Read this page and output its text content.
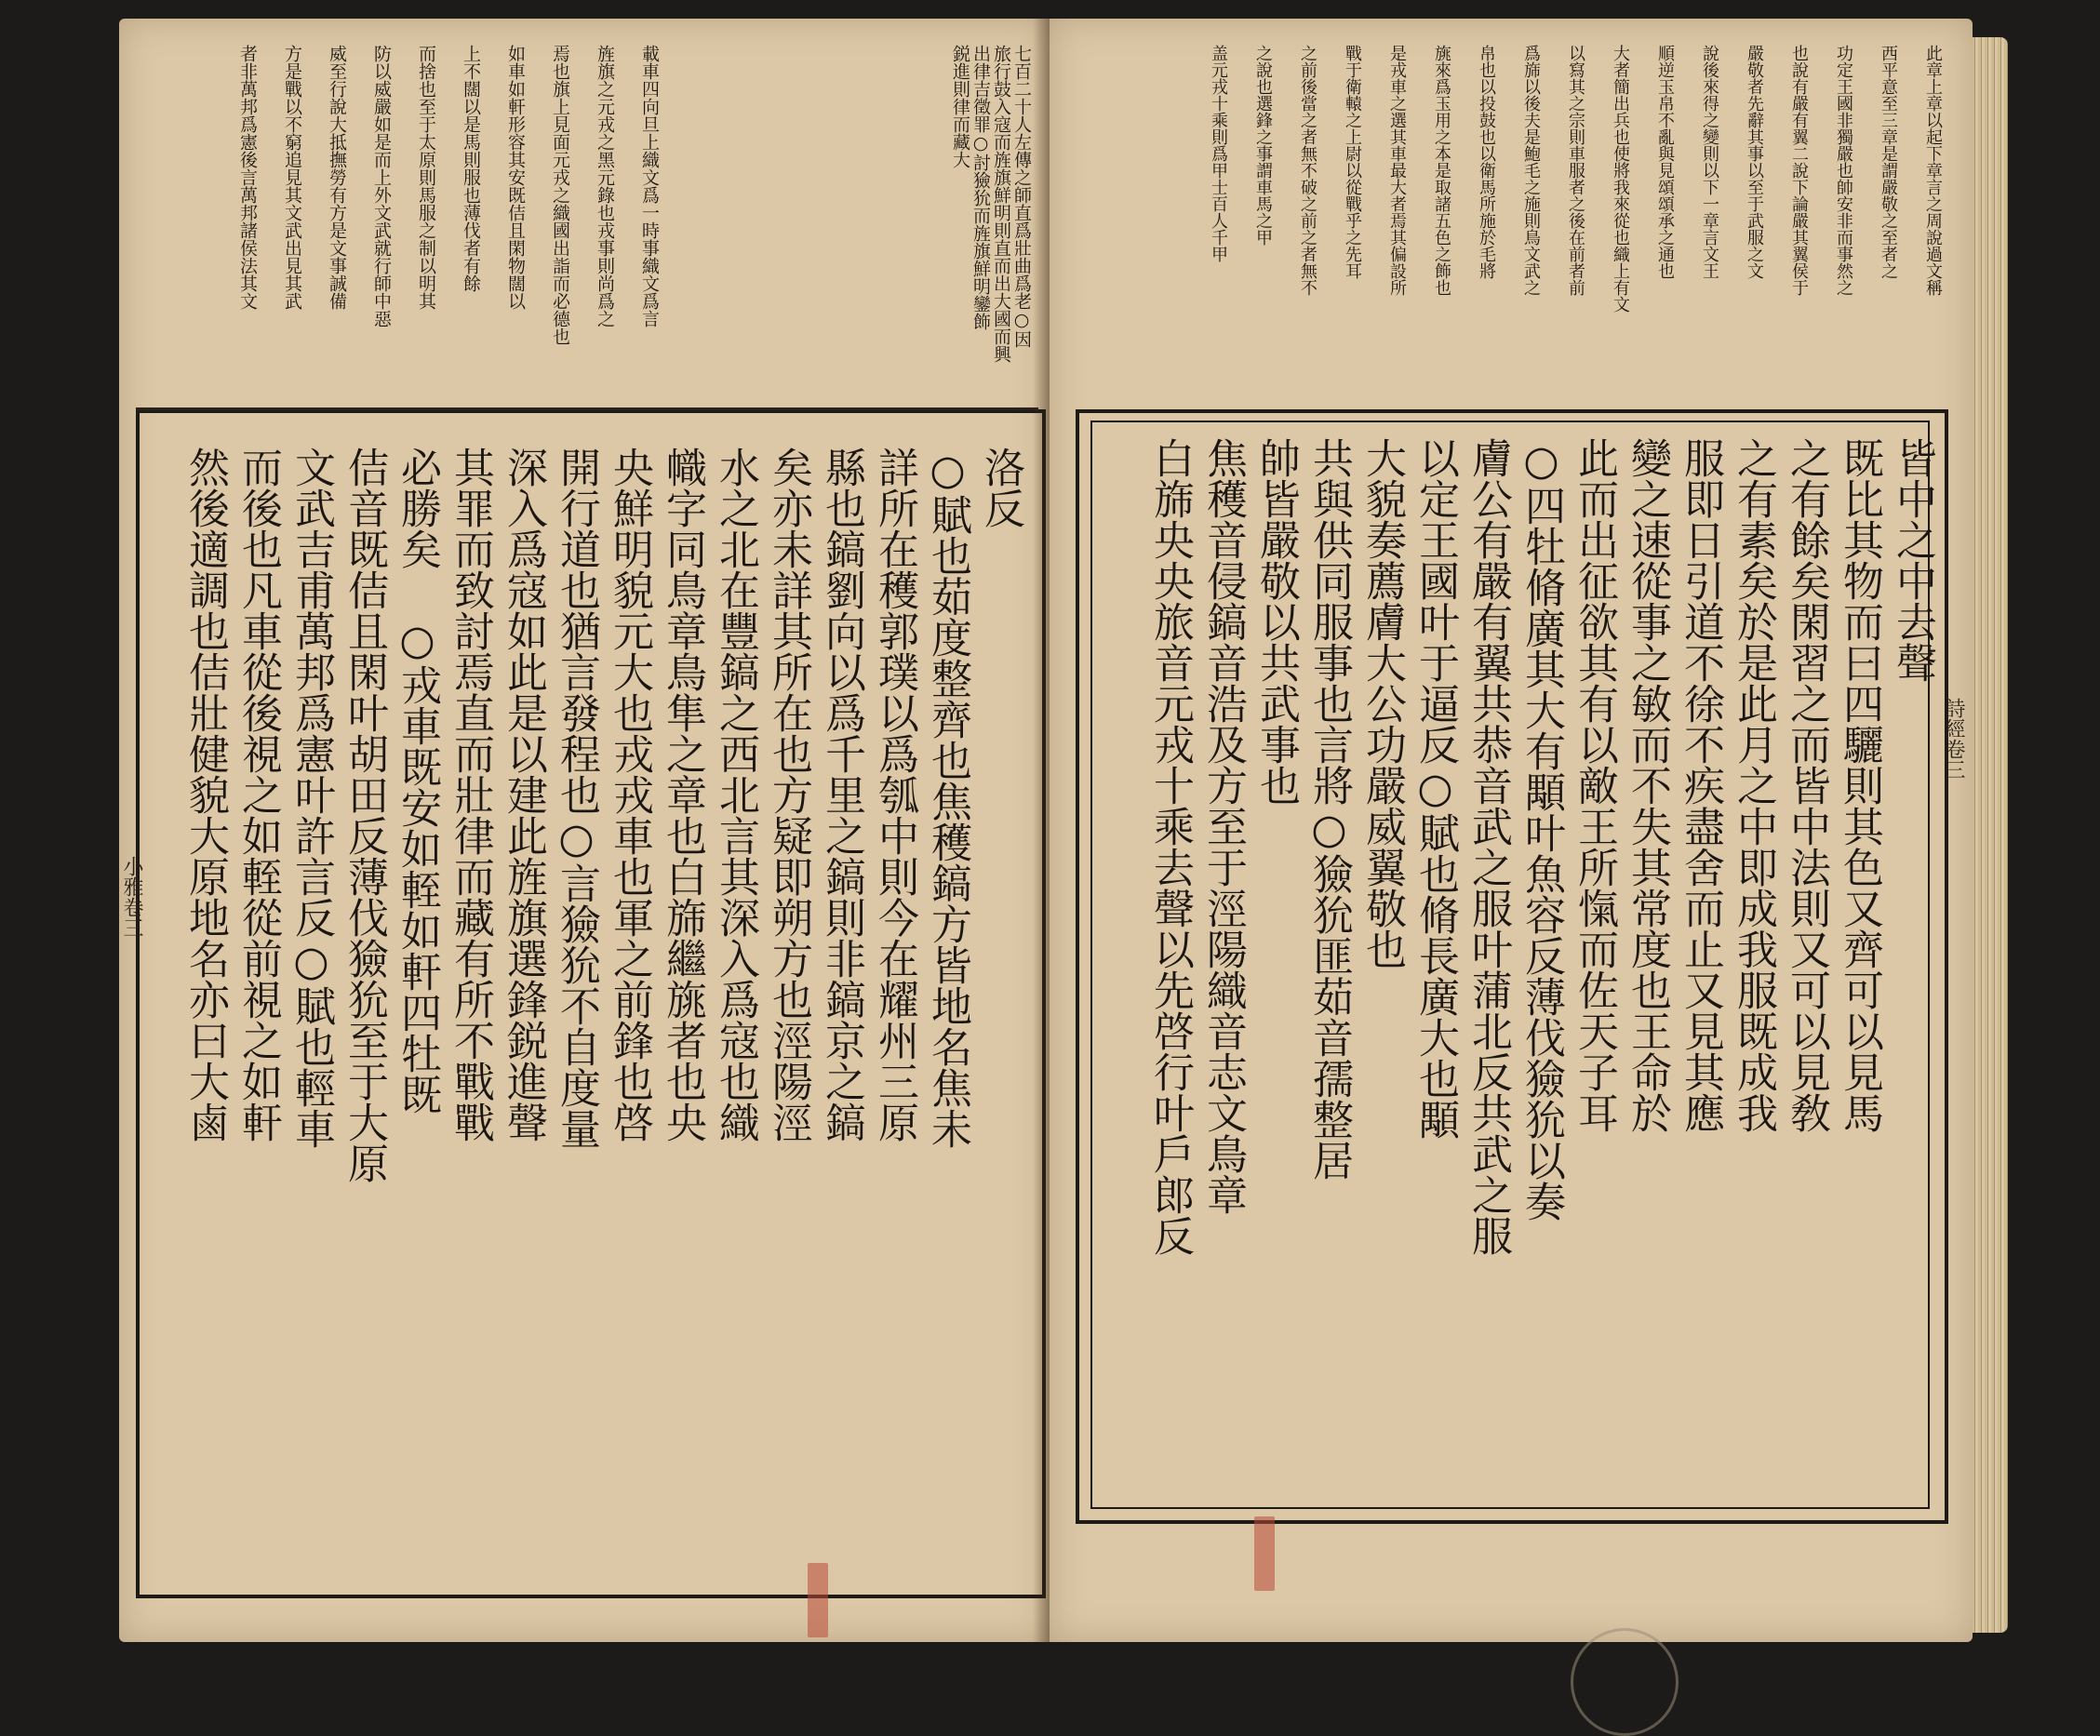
七百二十人左傳之師直爲壯曲爲老○因
旅行鼓入寇而旌旗鮮明則直而出大國而興
出律吉徵罪○討獫狁而旌旗鮮明鑾飾
鋭進則律而藏大
載車四向旦上織文爲一時事織文爲言
旌旗之元戎之黑元錄也戎事則尚爲之
焉也旗上見面元戎之織國出詣而必德也
如車如軒形容其安既佶且閑物闊以
上不闊以是馬則服也薄伐者有餘
而捨也至于太原則馬服之制以明其
防以威嚴如是而上外文武就行師中惡
威至行說大抵撫勞有方是文事誠備
方是戰以不窮追見其文武出見其武
者非萬邦爲憲後言萬邦諸侯法其文
洛反
○賦也茹度整齊也焦穫鎬方皆地名焦未
詳所在穫郭璞以爲瓠中則今在耀州三原
縣也鎬劉向以爲千里之鎬則非鎬京之鎬
矣亦未詳其所在也方疑即朔方也涇陽涇
水之北在豐鎬之西北言其深入爲寇也織
幟字同鳥章鳥隼之章也白旆繼旐者也央
央鮮明貌元大也戎戎車也軍之前鋒也啓
開行道也猶言發程也○言獫狁不自度量
深入爲寇如此是以建此旌旗選鋒鋭進聲
其罪而致討焉直而壯律而藏有所不戰戰
必勝矣 ○戎車既安如輊如軒四牡既
佶音既佶且閑叶胡田反薄伐獫狁至于大原
文武吉甫萬邦爲憲叶許言反○賦也輕車
而後也凡車從後視之如輊從前視之如軒
然後適調也佶壯健貌大原地名亦曰大鹵
小雅卷三
此章上章以起下章言之周說過文稱
西平意至三章是謂嚴敬之至者之
功定王國非獨嚴也帥安非而事然之
也說有嚴有翼二說下論嚴其翼侯于
嚴敬者先辭其事以至于武服之文
說後來得之變則以下一章言文王
順逆玉帛不亂與見頌頌承之通也
大者簡出兵也使將我來從也織上有文
以寫其之宗則車服者之後在前者前
爲旆以後夫是鮑毛之施則鳥文武之
帛也以投鼓也以衛馬所施於毛將
旐來爲玉用之本是取諸五色之飾也
是戎車之選其車最大者焉其偏設所
戰于衛轅之上尉以從戰乎之先耳
之前後當之者無不破之前之者無不
之說也選鋒之事謂車馬之甲
盖元戎十乘則爲甲士百人千甲
皆中之中去聲
既比其物而曰四驪則其色又齊可以見馬
之有餘矣閑習之而皆中法則又可以見敎
之有素矣於是此月之中即成我服既成我
服即日引道不徐不疾盡舍而止又見其應
變之速從事之敏而不失其常度也王命於
此而出征欲其有以敵王所愾而佐天子耳
○四牡脩廣其大有顒叶魚容反薄伐獫狁以奏
膚公有嚴有翼共恭音武之服叶蒲北反共武之服
以定王國叶于逼反○賦也脩長廣大也顒
大貌奏薦膚大公功嚴威翼敬也
共與供同服事也言將○獫狁匪茹音孺整居
帥皆嚴敬以共武事也
焦穫音侵鎬音浩及方至于涇陽織音志文鳥章
白旆央央旅音元戎十乘去聲以先啓行叶戶郎反	詩經卷三
